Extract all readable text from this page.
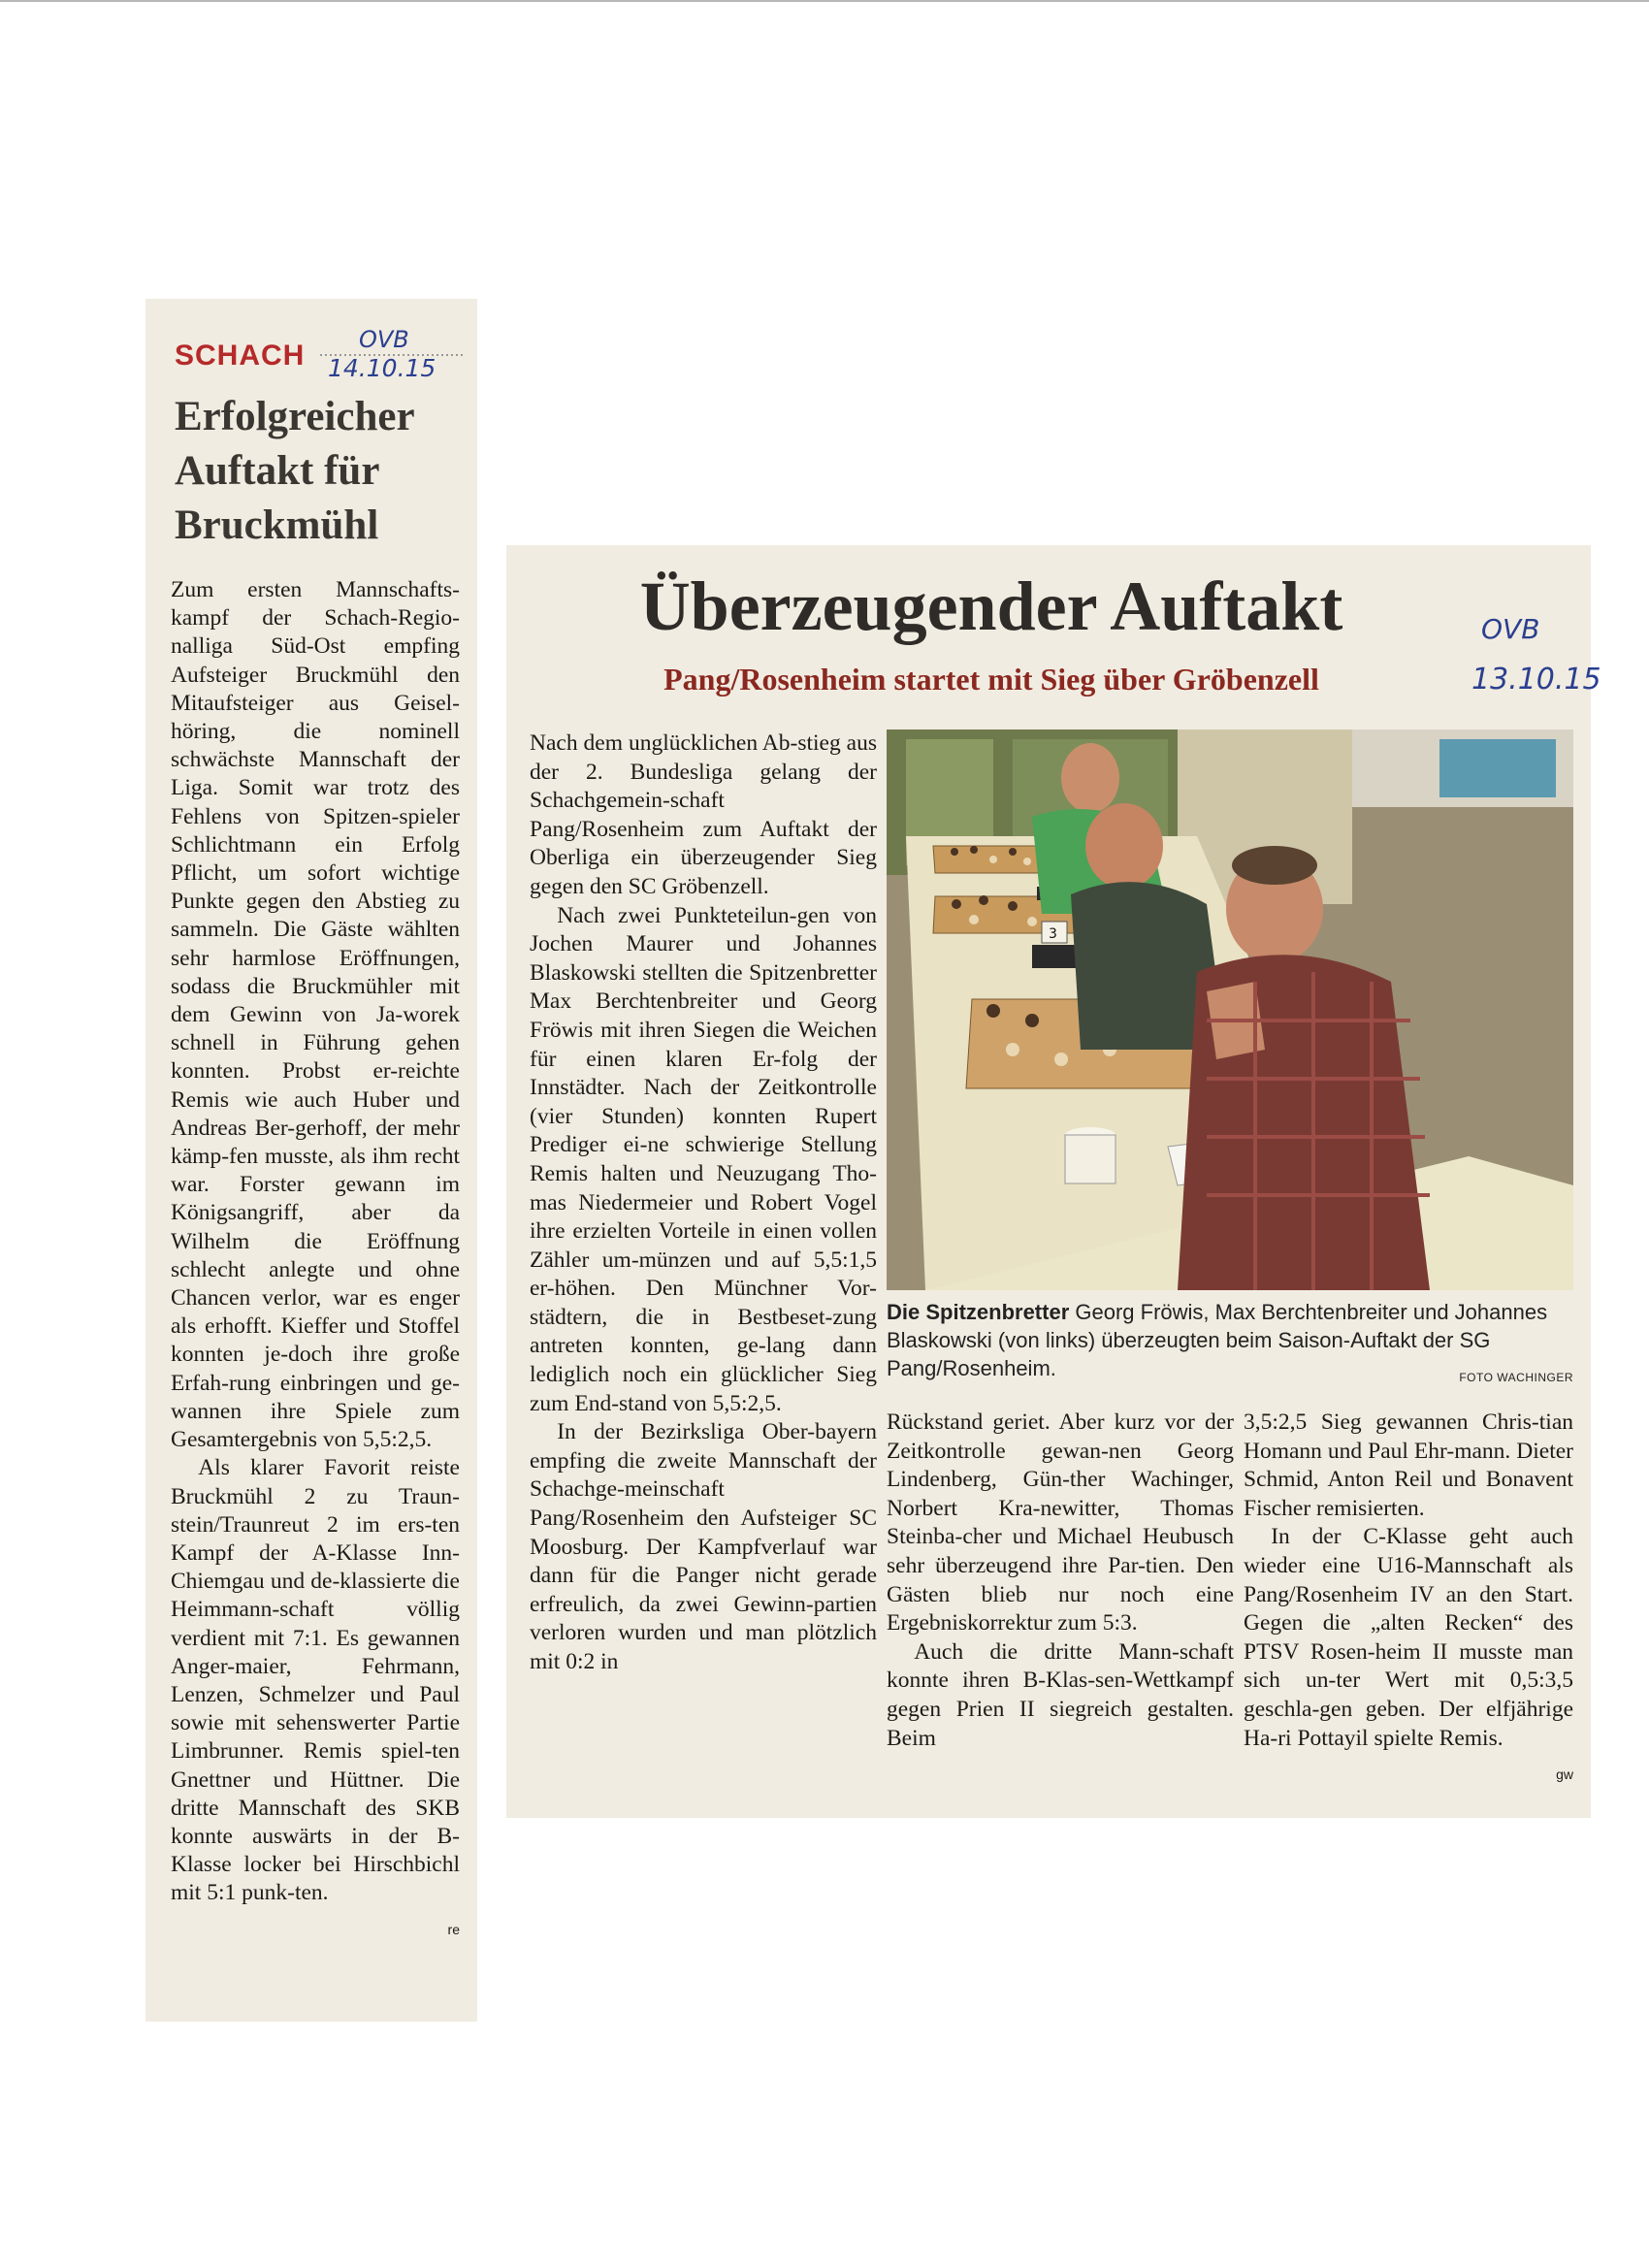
SCHACH OVB
14.10.15
Erfolgreicher Auftakt für Bruckmühl

Zum ersten Mannschafts-kampf der Schach-Regio-nalliga Süd-Ost empfing Aufsteiger Bruckmühl den Mitaufsteiger aus Geisel-höring, die nominell schwächste Mannschaft der Liga. Somit war trotz des Fehlens von Spitzen-spieler Schlichtmann ein Erfolg Pflicht, um sofort wichtige Punkte gegen den Abstieg zu sammeln. Die Gäste wählten sehr harmlose Eröffnungen, sodass die Bruckmühler mit dem Gewinn von Ja-worek schnell in Führung gehen konnten. Probst er-reichte Remis wie auch Huber und Andreas Ber-gerhoff, der mehr kämp-fen musste, als ihm recht war. Forster gewann im Königsangriff, aber da Wilhelm die Eröffnung schlecht anlegte und ohne Chancen verlor, war es enger als erhofft. Kieffer und Stoffel konnten je-doch ihre große Erfah-rung einbringen und ge-wannen ihre Spiele zum Gesamtergebnis von 5,5:2,5.

Als klarer Favorit reiste Bruckmühl 2 zu Traun-stein/Traunreut 2 im ers-ten Kampf der A-Klasse Inn-Chiemgau und de-klassierte die Heimmann-schaft völlig verdient mit 7:1. Es gewannen Anger-maier, Fehrmann, Lenzen, Schmelzer und Paul sowie mit sehenswerter Partie Limbrunner. Remis spiel-ten Gnettner und Hüttner. Die dritte Mannschaft des SKB konnte auswärts in der B-Klasse locker bei Hirschbichl mit 5:1 punk-ten.

re
Überzeugender Auftakt
Pang/Rosenheim startet mit Sieg über Gröbenzell
OVB
13.10.15

Nach dem unglücklichen Ab-stieg aus der 2. Bundesliga gelang der Schachgemein-schaft Pang/Rosenheim zum Auftakt der Oberliga ein überzeugender Sieg gegen den SC Gröbenzell.

Nach zwei Punkteteilun-gen von Jochen Maurer und Johannes Blaskowski stellten die Spitzenbretter Max Berchtenbreiter und Georg Fröwis mit ihren Siegen die Weichen für einen klaren Er-folg der Innstädter. Nach der Zeitkontrolle (vier Stunden) konnten Rupert Prediger ei-ne schwierige Stellung Remis halten und Neuzugang Tho-mas Niedermeier und Robert Vogel ihre erzielten Vorteile in einen vollen Zähler um-münzen und auf 5,5:1,5 er-höhen. Den Münchner Vor-städtern, die in Bestbeset-zung antreten konnten, ge-lang dann lediglich noch ein glücklicher Sieg zum End-stand von 5,5:2,5.

In der Bezirksliga Ober-bayern empfing die zweite Mannschaft der Schachge-meinschaft Pang/Rosenheim den Aufsteiger SC Moosburg. Der Kampfverlauf war dann für die Panger nicht gerade erfreulich, da zwei Gewinn-partien verloren wurden und man plötzlich mit 0:2 in

3
Die Spitzenbretter Georg Fröwis, Max Berchtenbreiter und Johannes Blaskowski (von links) überzeugten beim Saison-Auftakt der SG Pang/Rosenheim.	FOTO WACHINGER

Rückstand geriet. Aber kurz vor der Zeitkontrolle gewan-nen Georg Lindenberg, Gün-ther Wachinger, Norbert Kra-newitter, Thomas Steinba-cher und Michael Heubusch sehr überzeugend ihre Par-tien. Den Gästen blieb nur noch eine Ergebniskorrektur zum 5:3.

Auch die dritte Mann-schaft konnte ihren B-Klas-sen-Wettkampf gegen Prien II siegreich gestalten. Beim

3,5:2,5 Sieg gewannen Chris-tian Homann und Paul Ehr-mann. Dieter Schmid, Anton Reil und Bonavent Fischer remisierten.

In der C-Klasse geht auch wieder eine U16-Mannschaft als Pang/Rosenheim IV an den Start. Gegen die „alten Recken“ des PTSV Rosen-heim II musste man sich un-ter Wert mit 0,5:3,5 geschla-gen geben. Der elfjährige Ha-ri Pottayil spielte Remis.

gw
